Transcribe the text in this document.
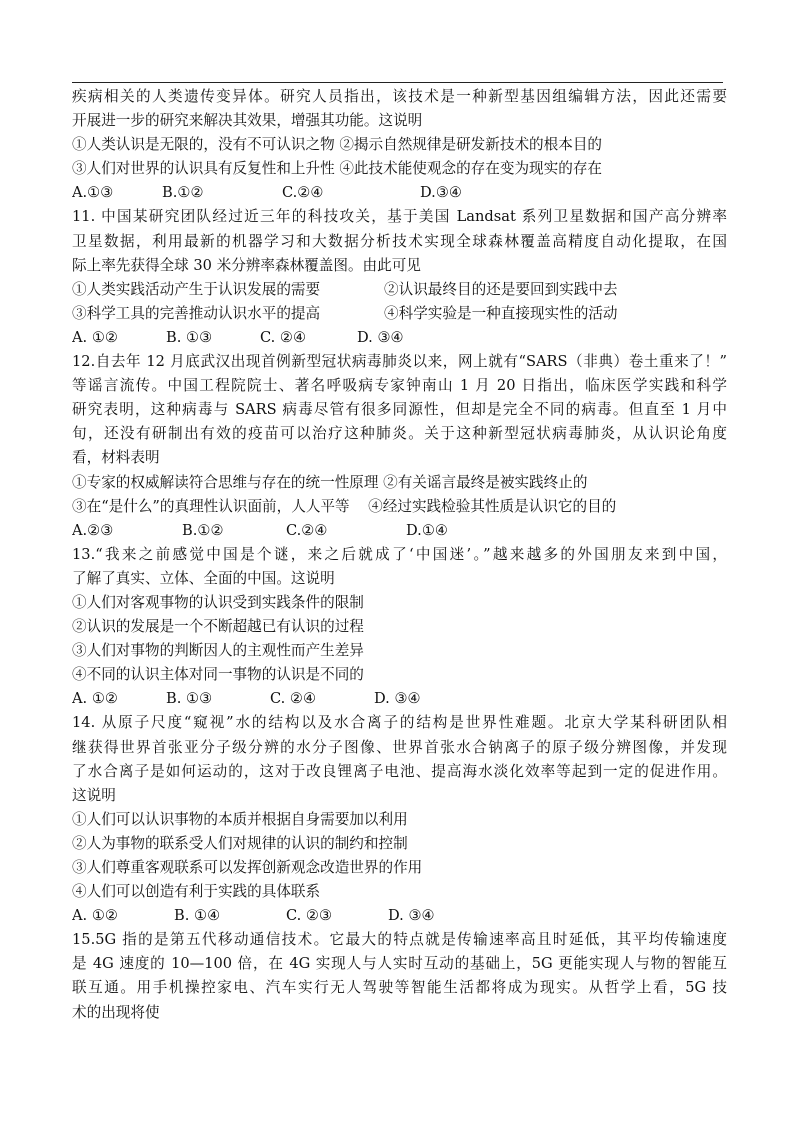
疾病相关的人类遗传变异体。研究人员指出，该技术是一种新型基因组编辑方法，因此还需要
开展进一步的研究来解决其效果，增强其功能。这说明
①人类认识是无限的，没有不可认识之物 ②揭示自然规律是研发新技术的根本目的
③人们对世界的认识具有反复性和上升性 ④此技术能使观念的存在变为现实的存在
A.①③	B.①②	C.②④	D.③④
11. 中国某研究团队经过近三年的科技攻关，基于美国 Landsat 系列卫星数据和国产高分辨率
卫星数据，利用最新的机器学习和大数据分析技术实现全球森林覆盖高精度自动化提取，在国
际上率先获得全球 30 米分辨率森林覆盖图。由此可见
①人类实践活动产生于认识发展的需要	②认识最终目的还是要回到实践中去
③科学工具的完善推动认识水平的提高	④科学实验是一种直接现实性的活动
A. ①②	B. ①③	C. ②④	D. ③④
12.自去年 12 月底武汉出现首例新型冠状病毒肺炎以来，网上就有“SARS（非典）卷土重来了！”
等谣言流传。中国工程院院士、著名呼吸病专家钟南山 1 月 20 日指出，临床医学实践和科学
研究表明，这种病毒与 SARS 病毒尽管有很多同源性，但却是完全不同的病毒。但直至 1 月中
旬，还没有研制出有效的疫苗可以治疗这种肺炎。关于这种新型冠状病毒肺炎，从认识论角度
看，材料表明
①专家的权威解读符合思维与存在的统一性原理 ②有关谣言最终是被实践终止的
③在“是什么”的真理性认识面前，人人平等    ④经过实践检验其性质是认识它的目的
A.②③	B.①②	C.②④	D.①④
13.“我来之前感觉中国是个谜，来之后就成了‘中国迷’。”越来越多的外国朋友来到中国，
了解了真实、立体、全面的中国。这说明
①人们对客观事物的认识受到实践条件的限制
②认识的发展是一个不断超越已有认识的过程
③人们对事物的判断因人的主观性而产生差异
④不同的认识主体对同一事物的认识是不同的
A. ①②	B. ①③	C. ②④	D. ③④
14. 从原子尺度“窥视”水的结构以及水合离子的结构是世界性难题。北京大学某科研团队相
继获得世界首张亚分子级分辨的水分子图像、世界首张水合钠离子的原子级分辨图像，并发现
了水合离子是如何运动的，这对于改良锂离子电池、提高海水淡化效率等起到一定的促进作用。
这说明
①人们可以认识事物的本质并根据自身需要加以利用
②人为事物的联系受人们对规律的认识的制约和控制
③人们尊重客观联系可以发挥创新观念改造世界的作用
④人们可以创造有利于实践的具体联系
A. ①②	B. ①④	C. ②③	D. ③④
15.5G 指的是第五代移动通信技术。它最大的特点就是传输速率高且时延低，其平均传输速度
是 4G 速度的 10—100 倍，在 4G 实现人与人实时互动的基础上，5G 更能实现人与物的智能互
联互通。用手机操控家电、汽车实行无人驾驶等智能生活都将成为现实。从哲学上看，5G 技
术的出现将使
